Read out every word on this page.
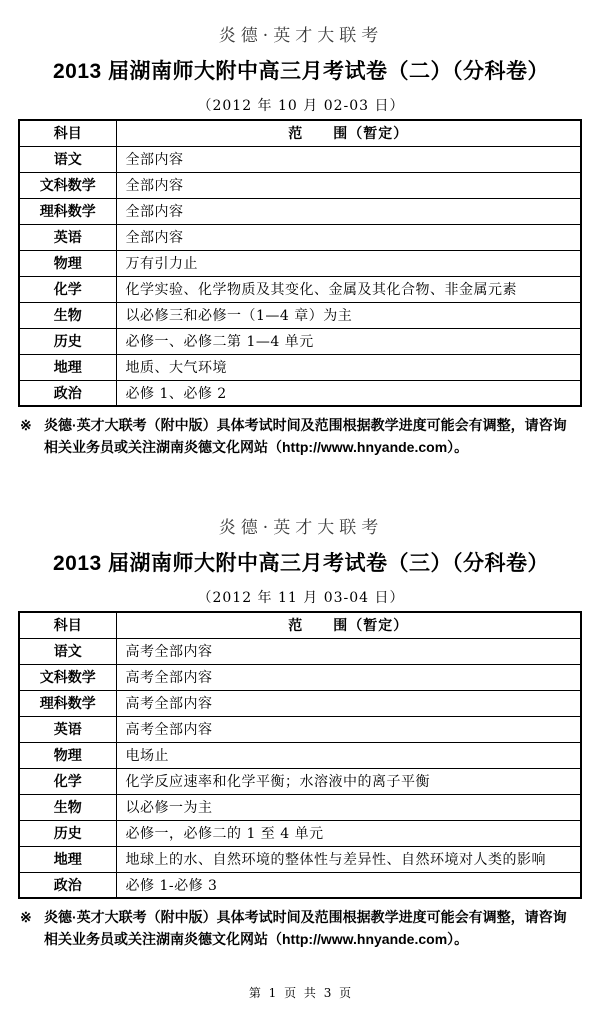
炎德·英才大联考
2013 届湖南师大附中高三月考试卷（二）（分科卷）
（2012 年 10 月 02-03 日）
科目	范　　围（暂定）
语文	全部内容
文科数学	全部内容
理科数学	全部内容
英语	全部内容
物理	万有引力止
化学	化学实验、化学物质及其变化、金属及其化合物、非金属元素
生物	以必修三和必修一（1—4 章）为主
历史	必修一、必修二第 1—4 单元
地理	地质、大气环境
政治	必修 1、必修 2
※ 炎德·英才大联考（附中版）具体考试时间及范围根据教学进度可能会有调整，请咨询
相关业务员或关注湖南炎德文化网站（http://www.hnyande.com）。
炎德·英才大联考
2013 届湖南师大附中高三月考试卷（三）（分科卷）
（2012 年 11 月 03-04 日）
科目	范　　围（暂定）
语文	高考全部内容
文科数学	高考全部内容
理科数学	高考全部内容
英语	高考全部内容
物理	电场止
化学	化学反应速率和化学平衡；水溶液中的离子平衡
生物	以必修一为主
历史	必修一，必修二的 1 至 4 单元
地理	地球上的水、自然环境的整体性与差异性、自然环境对人类的影响
政治	必修 1-必修 3
※ 炎德·英才大联考（附中版）具体考试时间及范围根据教学进度可能会有调整，请咨询
相关业务员或关注湖南炎德文化网站（http://www.hnyande.com）。
第 1 页 共 3 页
